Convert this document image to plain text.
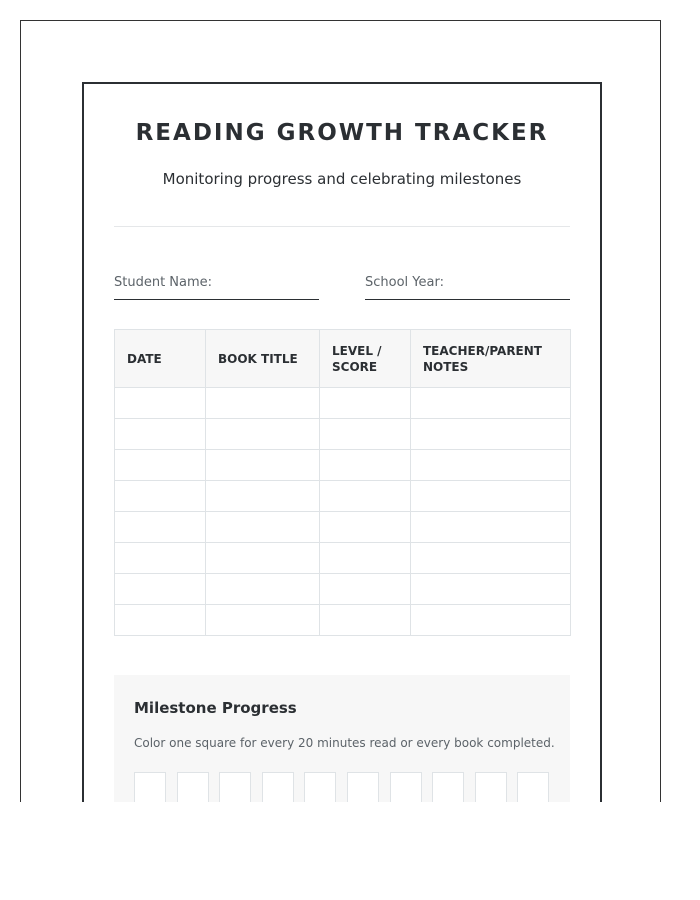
READING GROWTH TRACKER
Monitoring progress and celebrating milestones
Student Name:	School Year:
DATE	BOOK TITLE	LEVEL / SCORE	TEACHER/PARENT NOTES

Milestone Progress
Color one square for every 20 minutes read or every book completed.
